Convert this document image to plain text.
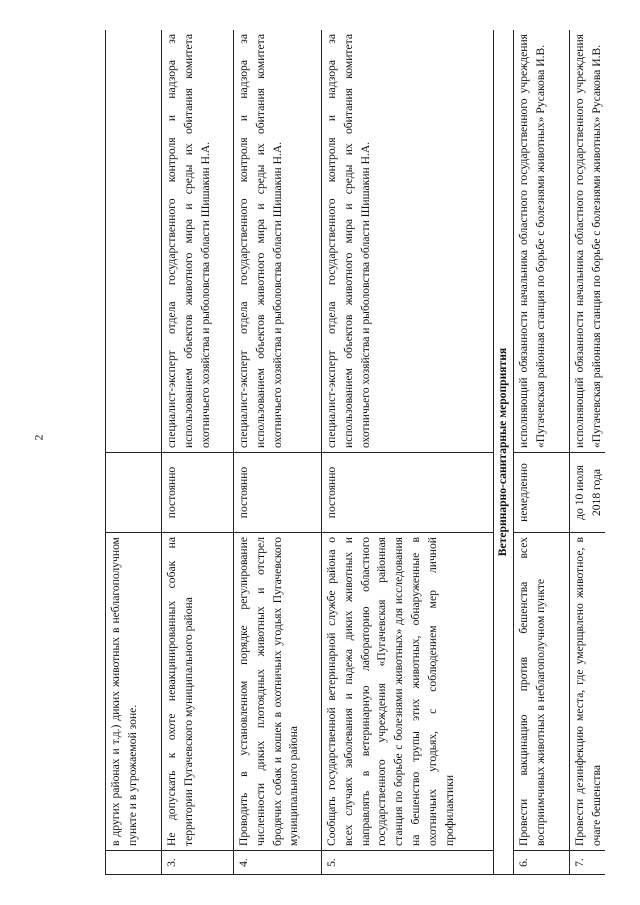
2
	в других районах и т.д.) диких животных в неблагополучном пункте и в угрожаемой зоне.		
3.	Не допускать к охоте невакцинированных собак на территории Пугачевского муниципального района	постоянно	специалист-эксперт отдела государственного контроля и надзора за использованием объектов животного мира и среды их обитания комитета охотничьего хозяйства и рыболовства области Шишакин Н.А.
4.	Проводить в установленном порядке регулирование численности диких плотоядных животных и отстрел бродячих собак и кошек в охотничьих угодьях Пугачевского муниципального района	постоянно	специалист-эксперт отдела государственного контроля и надзора за использованием объектов животного мира и среды их обитания комитета охотничьего хозяйства и рыболовства области Шишакин Н.А.
5.	Сообщать государственной ветеринарной службе района о всех случаях заболевания и падежа диких животных и направлять в ветеринарную лабораторию областного государственного учреждения «Пугачевская районная станция по борьбе с болезнями животных» для исследования на бешенство трупы этих животных, обнаруженные в охотничьих угодьях, с соблюдением мер личной профилактики	постоянно	специалист-эксперт отдела государственного контроля и надзора за использованием объектов животного мира и среды их обитания комитета охотничьего хозяйства и рыболовства области Шишакин Н.А.
Ветеринарно-санитарные мероприятия			
6.	Провести вакцинацию против бешенства всех восприимчивых животных в неблагополучном пункте	немедленно	исполняющий обязанности начальника областного государственного учреждения «Пугачевская районная станция по борьбе с болезнями животных» Русакова И.В.
7.	Провести дезинфекцию места, где умерщвлено животное, в очаге бешенства	до 10 июля 2018 года	исполняющий обязанности начальника областного государственного учреждения «Пугачевская районная станция по борьбе с болезнями животных» Русакова И.В.
